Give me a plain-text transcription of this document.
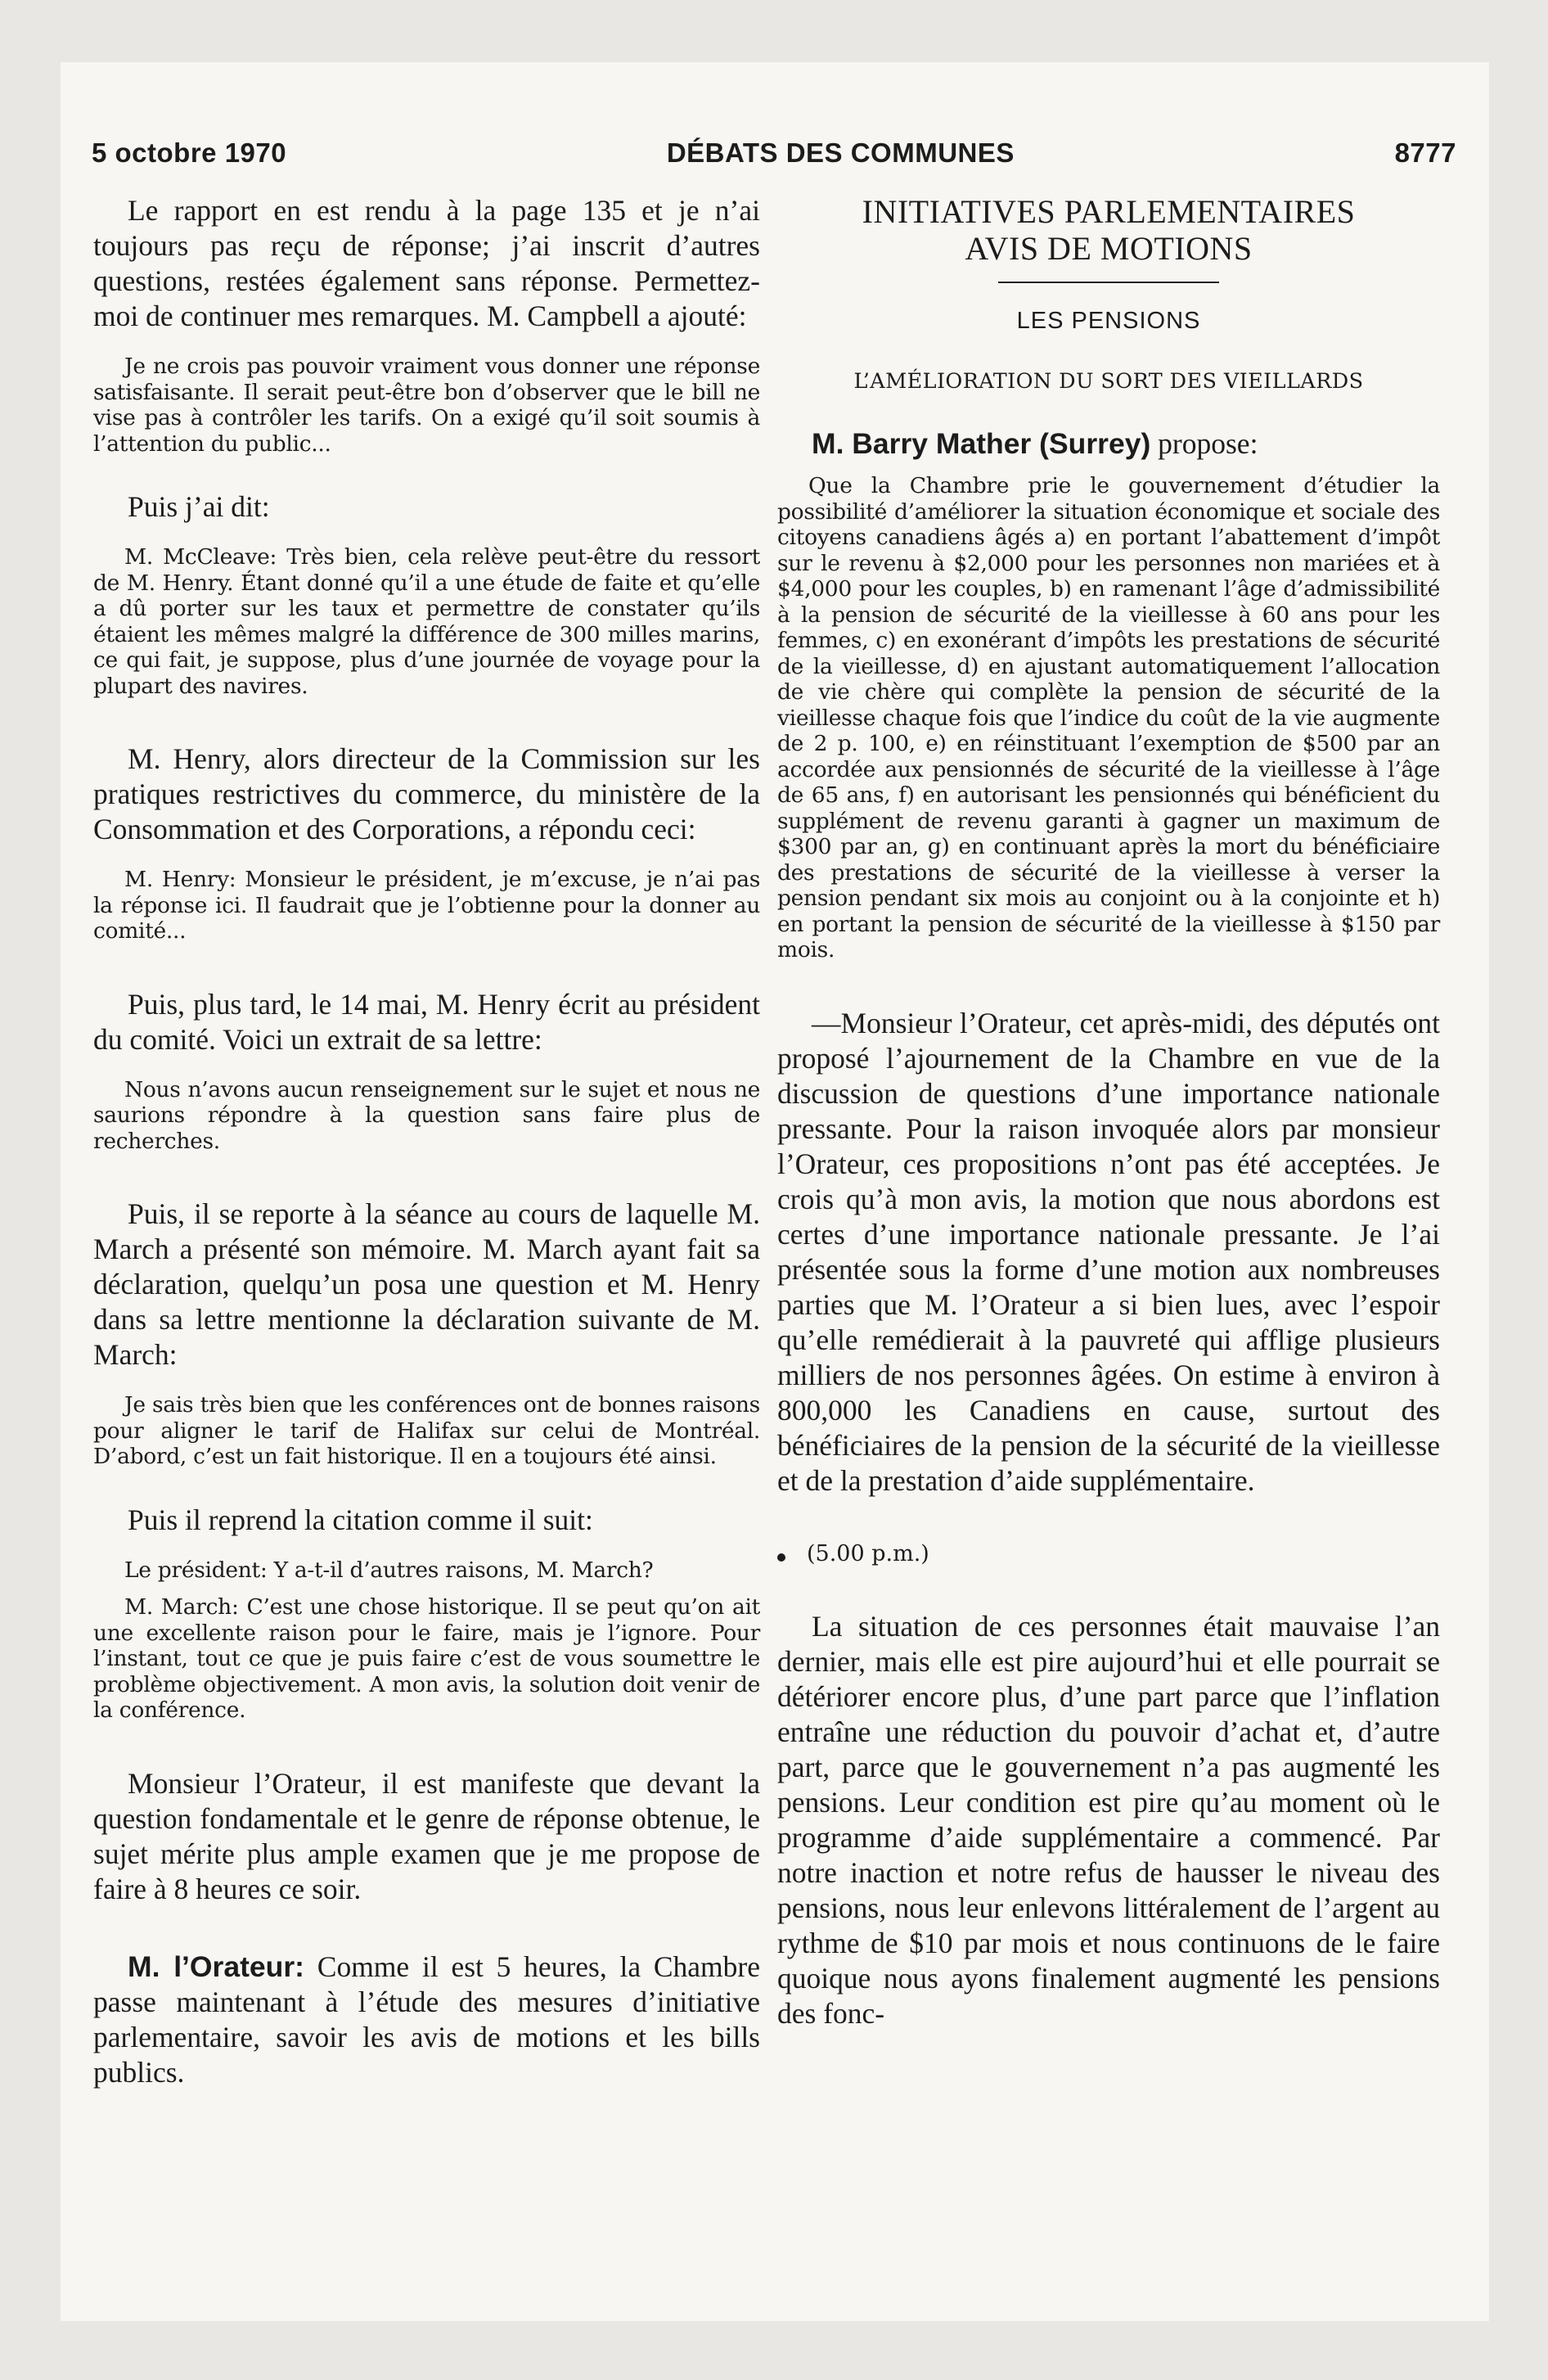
5 octobre 1970	DÉBATS DES COMMUNES	8777

Le rapport en est rendu à la page 135 et je n’ai toujours pas reçu de réponse; j’ai inscrit d’autres questions, restées également sans réponse. Permettez-moi de continuer mes remarques. M. Campbell a ajouté:

Je ne crois pas pouvoir vraiment vous donner une réponse satisfaisante. Il serait peut-être bon d’observer que le bill ne vise pas à contrôler les tarifs. On a exigé qu’il soit soumis à l’attention du public...

Puis j’ai dit:

M. McCleave: Très bien, cela relève peut-être du ressort de M. Henry. Étant donné qu’il a une étude de faite et qu’elle a dû porter sur les taux et permettre de constater qu’ils étaient les mêmes malgré la différence de 300 milles marins, ce qui fait, je suppose, plus d’une journée de voyage pour la plupart des navires.

M. Henry, alors directeur de la Commission sur les pratiques restrictives du commerce, du ministère de la Consommation et des Corporations, a répondu ceci:

M. Henry: Monsieur le président, je m’excuse, je n’ai pas la réponse ici. Il faudrait que je l’obtienne pour la donner au comité...

Puis, plus tard, le 14 mai, M. Henry écrit au président du comité. Voici un extrait de sa lettre:

Nous n’avons aucun renseignement sur le sujet et nous ne saurions répondre à la question sans faire plus de recherches.

Puis, il se reporte à la séance au cours de laquelle M. March a présenté son mémoire. M. March ayant fait sa déclaration, quelqu’un posa une question et M. Henry dans sa lettre mentionne la déclaration suivante de M. March:

Je sais très bien que les conférences ont de bonnes raisons pour aligner le tarif de Halifax sur celui de Montréal. D’abord, c’est un fait historique. Il en a toujours été ainsi.

Puis il reprend la citation comme il suit:

Le président: Y a-t-il d’autres raisons, M. March?

M. March: C’est une chose historique. Il se peut qu’on ait une excellente raison pour le faire, mais je l’ignore. Pour l’instant, tout ce que je puis faire c’est de vous soumettre le problème objectivement. A mon avis, la solution doit venir de la conférence.

Monsieur l’Orateur, il est manifeste que devant la question fondamentale et le genre de réponse obtenue, le sujet mérite plus ample examen que je me propose de faire à 8 heures ce soir.

M. l’Orateur: Comme il est 5 heures, la Chambre passe maintenant à l’étude des mesures d’initiative parlementaire, savoir les avis de motions et les bills publics.

INITIATIVES PARLEMENTAIRES
AVIS DE MOTIONS
LES PENSIONS
L’AMÉLIORATION DU SORT DES VIEILLARDS

M. Barry Mather (Surrey) propose:

Que la Chambre prie le gouvernement d’étudier la possibilité d’améliorer la situation économique et sociale des citoyens canadiens âgés a) en portant l’abattement d’impôt sur le revenu à $2,000 pour les personnes non mariées et à $4,000 pour les couples, b) en ramenant l’âge d’admissibilité à la pension de sécurité de la vieillesse à 60 ans pour les femmes, c) en exonérant d’impôts les prestations de sécurité de la vieillesse, d) en ajustant automatiquement l’allocation de vie chère qui complète la pension de sécurité de la vieillesse chaque fois que l’indice du coût de la vie augmente de 2 p. 100, e) en réinstituant l’exemption de $500 par an accordée aux pensionnés de sécurité de la vieillesse à l’âge de 65 ans, f) en autorisant les pensionnés qui bénéficient du supplément de revenu garanti à gagner un maximum de $300 par an, g) en continuant après la mort du bénéficiaire des prestations de sécurité de la vieillesse à verser la pension pendant six mois au conjoint ou à la conjointe et h) en portant la pension de sécurité de la vieillesse à $150 par mois.

—Monsieur l’Orateur, cet après-midi, des députés ont proposé l’ajournement de la Chambre en vue de la discussion de questions d’une importance nationale pressante. Pour la raison invoquée alors par monsieur l’Orateur, ces propositions n’ont pas été acceptées. Je crois qu’à mon avis, la motion que nous abordons est certes d’une importance nationale pressante. Je l’ai présentée sous la forme d’une motion aux nombreuses parties que M. l’Orateur a si bien lues, avec l’espoir qu’elle remédierait à la pauvreté qui afflige plusieurs milliers de nos personnes âgées. On estime à environ à 800,000 les Canadiens en cause, surtout des bénéficiaires de la pension de la sécurité de la vieillesse et de la prestation d’aide supplémentaire.

(5.00 p.m.)

La situation de ces personnes était mauvaise l’an dernier, mais elle est pire aujourd’hui et elle pourrait se détériorer encore plus, d’une part parce que l’inflation entraîne une réduction du pouvoir d’achat et, d’autre part, parce que le gouvernement n’a pas augmenté les pensions. Leur condition est pire qu’au moment où le programme d’aide supplémentaire a commencé. Par notre inaction et notre refus de hausser le niveau des pensions, nous leur enlevons littéralement de l’argent au rythme de $10 par mois et nous continuons de le faire quoique nous ayons finalement augmenté les pensions des fonc-
